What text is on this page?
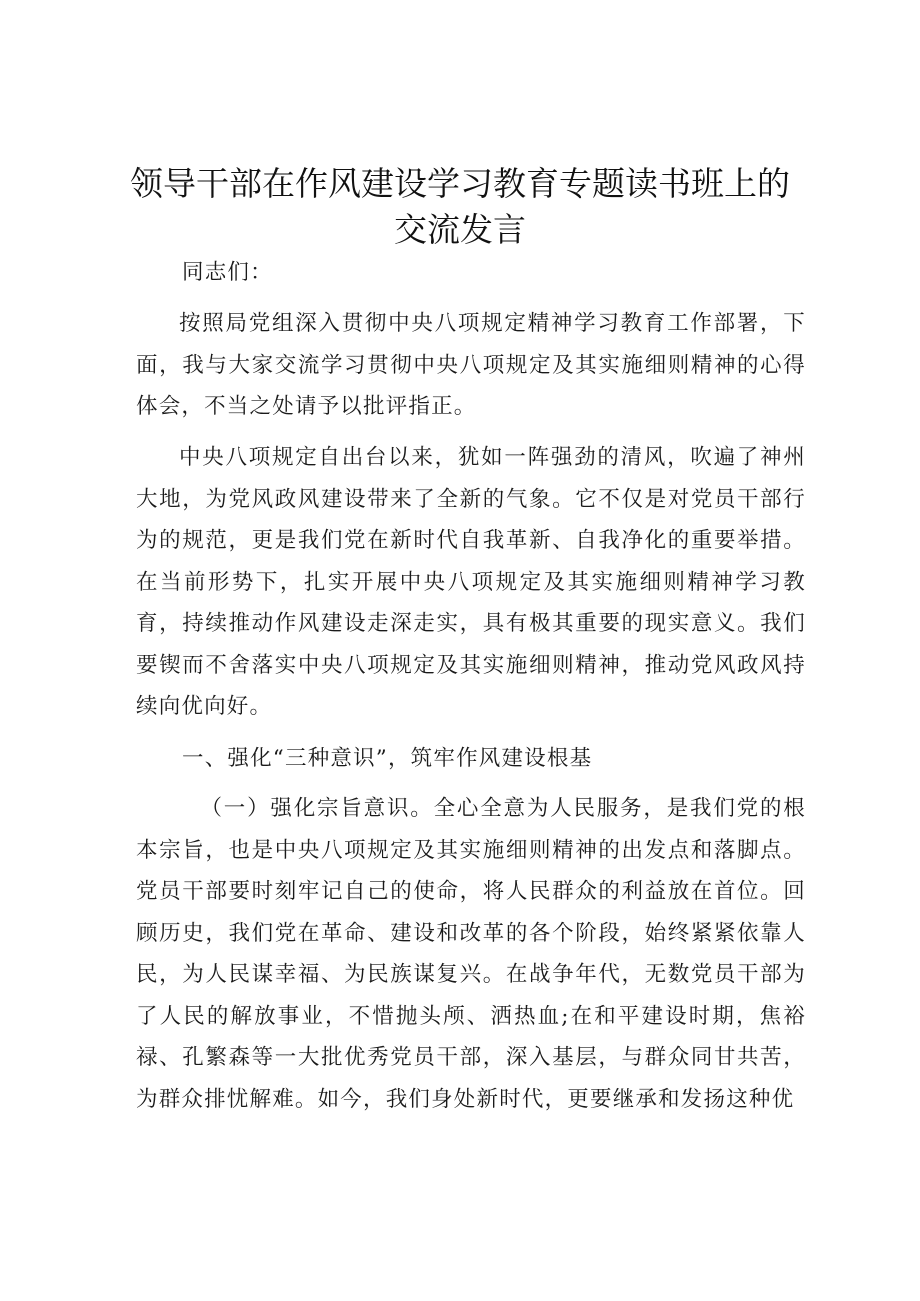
领导干部在作风建设学习教育专题读书班上的
交流发言

同志们：

按照局党组深入贯彻中央八项规定精神学习教育工作部署，下面，我与大家交流学习贯彻中央八项规定及其实施细则精神的心得体会，不当之处请予以批评指正。

中央八项规定自出台以来，犹如一阵强劲的清风，吹遍了神州大地，为党风政风建设带来了全新的气象。它不仅是对党员干部行为的规范，更是我们党在新时代自我革新、自我净化的重要举措。在当前形势下，扎实开展中央八项规定及其实施细则精神学习教育，持续推动作风建设走深走实，具有极其重要的现实意义。我们要锲而不舍落实中央八项规定及其实施细则精神，推动党风政风持续向优向好。

一、强化“三种意识”，筑牢作风建设根基

（一）强化宗旨意识。全心全意为人民服务，是我们党的根本宗旨，也是中央八项规定及其实施细则精神的出发点和落脚点。党员干部要时刻牢记自己的使命，将人民群众的利益放在首位。回顾历史，我们党在革命、建设和改革的各个阶段，始终紧紧依靠人民，为人民谋幸福、为民族谋复兴。在战争年代，无数党员干部为了人民的解放事业，不惜抛头颅、洒热血;在和平建设时期，焦裕禄、孔繁森等一大批优秀党员干部，深入基层，与群众同甘共苦，为群众排忧解难。如今，我们身处新时代，更要继承和发扬这种优
